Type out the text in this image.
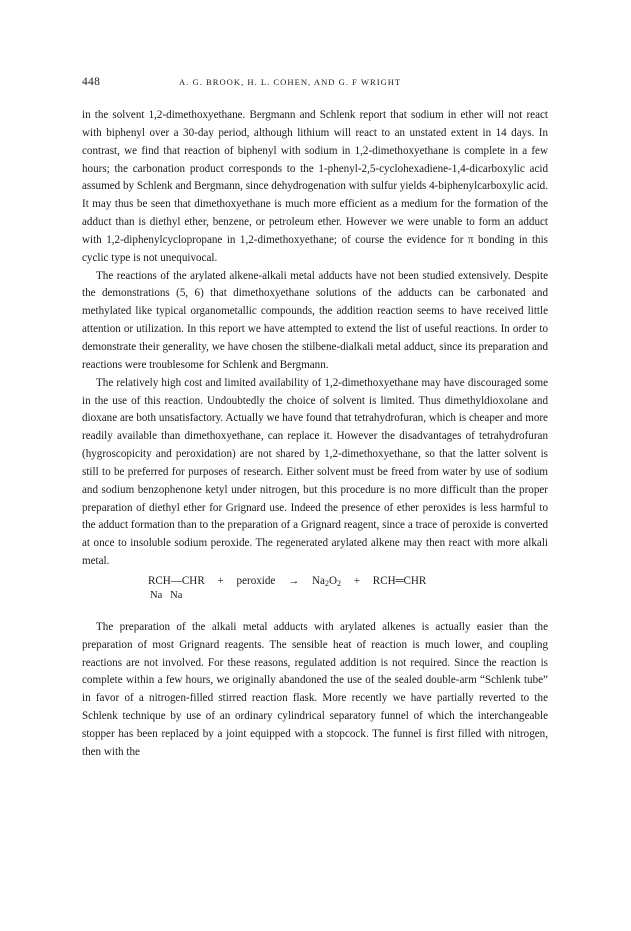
448	A. G. BROOK, H. L. COHEN, AND G. F WRIGHT

in the solvent 1,2-dimethoxyethane. Bergmann and Schlenk report that sodium in ether will not react with biphenyl over a 30-day period, although lithium will react to an unstated extent in 14 days. In contrast, we find that reaction of biphenyl with sodium in 1,2-dimethoxyethane is complete in a few hours; the carbonation product corresponds to the 1-phenyl-2,5-cyclohexadiene-1,4-dicarboxylic acid assumed by Schlenk and Bergmann, since dehydrogenation with sulfur yields 4-biphenylcarboxylic acid. It may thus be seen that dimethoxyethane is much more efficient as a medium for the formation of the adduct than is diethyl ether, benzene, or petroleum ether. However we were unable to form an adduct with 1,2-diphenylcyclopropane in 1,2-dimethoxyethane; of course the evidence for π bonding in this cyclic type is not unequivocal.

The reactions of the arylated alkene-alkali metal adducts have not been studied extensively. Despite the demonstrations (5, 6) that dimethoxyethane solutions of the adducts can be carbonated and methylated like typical organometallic compounds, the addition reaction seems to have received little attention or utilization. In this report we have attempted to extend the list of useful reactions. In order to demonstrate their generality, we have chosen the stilbene-dialkali metal adduct, since its preparation and reactions were troublesome for Schlenk and Bergmann.

The relatively high cost and limited availability of 1,2-dimethoxyethane may have discouraged some in the use of this reaction. Undoubtedly the choice of solvent is limited. Thus dimethyldioxolane and dioxane are both unsatisfactory. Actually we have found that tetrahydrofuran, which is cheaper and more readily available than dimethoxyethane, can replace it. However the disadvantages of tetrahydrofuran (hygroscopicity and peroxidation) are not shared by 1,2-dimethoxyethane, so that the latter solvent is still to be preferred for purposes of research. Either solvent must be freed from water by use of sodium and sodium benzophenone ketyl under nitrogen, but this procedure is no more difficult than the proper preparation of diethyl ether for Grignard use. Indeed the presence of ether peroxides is less harmful to the adduct formation than to the preparation of a Grignard reagent, since a trace of peroxide is converted at once to insoluble sodium peroxide. The regenerated arylated alkene may then react with more alkali metal.

RCH—CHR + peroxide → $Na_2O_2$ + RCH═CHR
Na   Na

The preparation of the alkali metal adducts with arylated alkenes is actually easier than the preparation of most Grignard reagents. The sensible heat of reaction is much lower, and coupling reactions are not involved. For these reasons, regulated addition is not required. Since the reaction is complete within a few hours, we originally abandoned the use of the sealed double-arm “Schlenk tube” in favor of a nitrogen-filled stirred reaction flask. More recently we have partially reverted to the Schlenk technique by use of an ordinary cylindrical separatory funnel of which the interchangeable stopper has been replaced by a joint equipped with a stopcock. The funnel is first filled with nitrogen, then with the
